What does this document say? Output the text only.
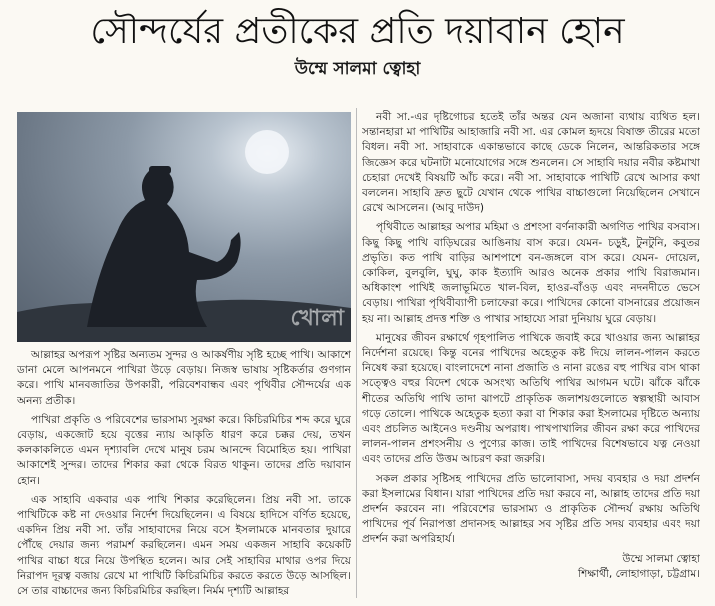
সৌন্দর্যের প্রতীকের প্রতি দয়াবান হোন
উম্মে সালমা ত্বোহা
খোলা

নবী সা.-এর দৃষ্টিগোচর হতেই তাঁর অন্তর যেন অজানা ব্যথায় ব্যথিত হল। সন্তানহারা মা পাখিটির আহাজারি নবী সা. এর কোমল হৃদয়ে বিষাক্ত তীরের মতো বিধল। নবী সা. সাহাবাকে একান্তভাবে কাছে ডেকে নিলেন, আন্তরিকতার সঙ্গে জিজ্ঞেস করে ঘটনাটা মনোযোগের সঙ্গে শুনলেন। সে সাহাবি দয়ার নবীর কষ্টমাখা চেহারা দেখেই বিষয়টি আঁচ করে। নবী সা. সাহাবাকে পাখিটি রেখে আসার কথা বললেন। সাহাবি দ্রুত ছুটে যেখান থেকে পাখির বাচ্চাগুলো নিয়েছিলেন সেখানে রেখে আসলেন। (আবু দাউদ)

পৃথিবীতে আল্লাহর অপার মহিমা ও প্রশংসা বর্ণনাকারী অগণিত পাখির বসবাস। কিছু কিছু পাখি বাড়িঘরের আঙিনায় বাস করে। যেমন- চড়ুই, টুনটুনি, কবুতর প্রভৃতি। কত পাখি বাড়ির আশপাশে বন-জঙ্গলে বাস করে। যেমন- দোয়েল, কোকিল, বুলবুলি, ঘুঘু, কাক ইত্যাদি আরও অনেক প্রকার পাখি বিরাজমান। অধিকাংশ পাখিই জলাভূমিতে খাল-বিল, হাওর-বাঁওড় এবং নদনদীতে ভেসে বেড়ায়। পাখিরা পৃথিবীব্যাপী চলাফেরা করে। পাখিদের কোনো বাসনারের প্রয়োজন হয় না। আল্লাহ প্রদত্ত শক্তি ও পাখার সাহায্যে সারা দুনিয়ায় ঘুরে বেড়ায়।

মানুষের জীবন রক্ষার্থে গৃহপালিত পাখিকে জবাই করে খাওয়ার জন্য আল্লাহর নির্দেশনা রয়েছে। কিন্তু বনের পাখিদের অহেতুক কষ্ট দিয়ে লালন-পালন করতে নিষেধ করা হয়েছে। বাংলাদেশে নানা প্রজাতি ও নানা রঙের বহু পাখির বাস থাকা সত্ত্বেও বহুর বিদেশ থেকে অসংখ্য অতিথি পাখির আগমন ঘটে। ঝাঁকে ঝাঁকে শীতের অতিথি পাখি তাদা ঝাপটে প্রাকৃতিক জলাশয়গুলোতে স্বল্পস্থায়ী আবাস গড়ে তোলে। পাখিকে অহেতুক হত্যা করা বা শিকার করা ইসলামের দৃষ্টিতে অন্যায় এবং প্রচলিত আইনেও দণ্ডনীয় অপরাধ। পাখপাখালির জীবন রক্ষা করে পাখিদের লালন-পালন প্রশংসনীয় ও পুণ্যের কাজ। তাই পাখিদের বিশেষভাবে যত্ন নেওয়া এবং তাদের প্রতি উত্তম আচরণ করা জরুরি।

সকল প্রকার সৃষ্টিসহ পাখিদের প্রতি ভালোবাসা, সদয় ব্যবহার ও দয়া প্রদর্শন করা ইসলামের বিধান। যারা পাখিদের প্রতি দয়া করবে না, আল্লাহ তাদের প্রতি দয়া প্রদর্শন করবেন না। পরিবেশের ভারসাম্য ও প্রাকৃতিক সৌন্দর্য রক্ষায় অতিথি পাখিদের পূর্ব নিরাপত্তা প্রদানসহ আল্লাহর সব সৃষ্টির প্রতি সদয় ব্যবহার এবং দয়া প্রদর্শন করা অপরিহার্য।

উম্মে সালমা ত্বোহা

শিক্ষার্থী, লোহাগাড়া, চট্টগ্রাম।

আল্লাহর অপরূপ সৃষ্টির অন্যতম সুন্দর ও আকর্ষণীয় সৃষ্টি হচ্ছে পাখি। আকাশে ডানা মেলে আপনমনে পাখিরা উড়ে বেড়ায়। নিজস্ব ভাষায় সৃষ্টিকর্তার গুণগান করে। পাখি মানবজাতির উপকারী, পরিবেশবান্ধব এবং পৃথিবীর সৌন্দর্যের এক অনন্য প্রতীক।

পাখিরা প্রকৃতি ও পরিবেশের ভারসাম্য সুরক্ষা করে। কিচিরমিচির শব্দ করে ঘুরে বেড়ায়, একজোট হয়ে বৃত্তের ন্যায় আকৃতি ধারণ করে চক্কর দেয়, তখন কলকাকলিতে এমন দৃশ্যাবলি দেখে মানুষ চরম আনন্দে বিমোহিত হয়। পাখিরা আকাশেই সুন্দর। তাদের শিকার করা থেকে বিরত থাকুন। তাদের প্রতি দয়াবান হোন।

এক সাহাবি একবার এক পাখি শিকার করেছিলেন। প্রিয় নবী সা. তাকে পাখিটিকে কষ্ট না দেওয়ার নির্দেশ দিয়েছিলেন। এ বিষয়ে হাদিসে বর্ণিত হয়েছে, একদিন প্রিয় নবী সা. তাঁর সাহাবাদের নিয়ে বসে ইসলামকে মানবতার দুয়ারে পৌঁছে দেয়ার জন্য পরামর্শ করছিলেন। এমন সময় একজন সাহাবি কয়েকটি পাখির বাচ্চা ধরে নিয়ে উপস্থিত হলেন। আর সেই সাহাবির মাথার ওপর দিয়ে নিরাপদ দূরত্ব বজায় রেখে মা পাখিটি কিচিরমিচির করতে করতে উড়ে আসছিল। সে তার বাচ্চাদের জন্য কিচিরমিচির করছিল। নির্মম দৃশ্যটি আল্লাহর
